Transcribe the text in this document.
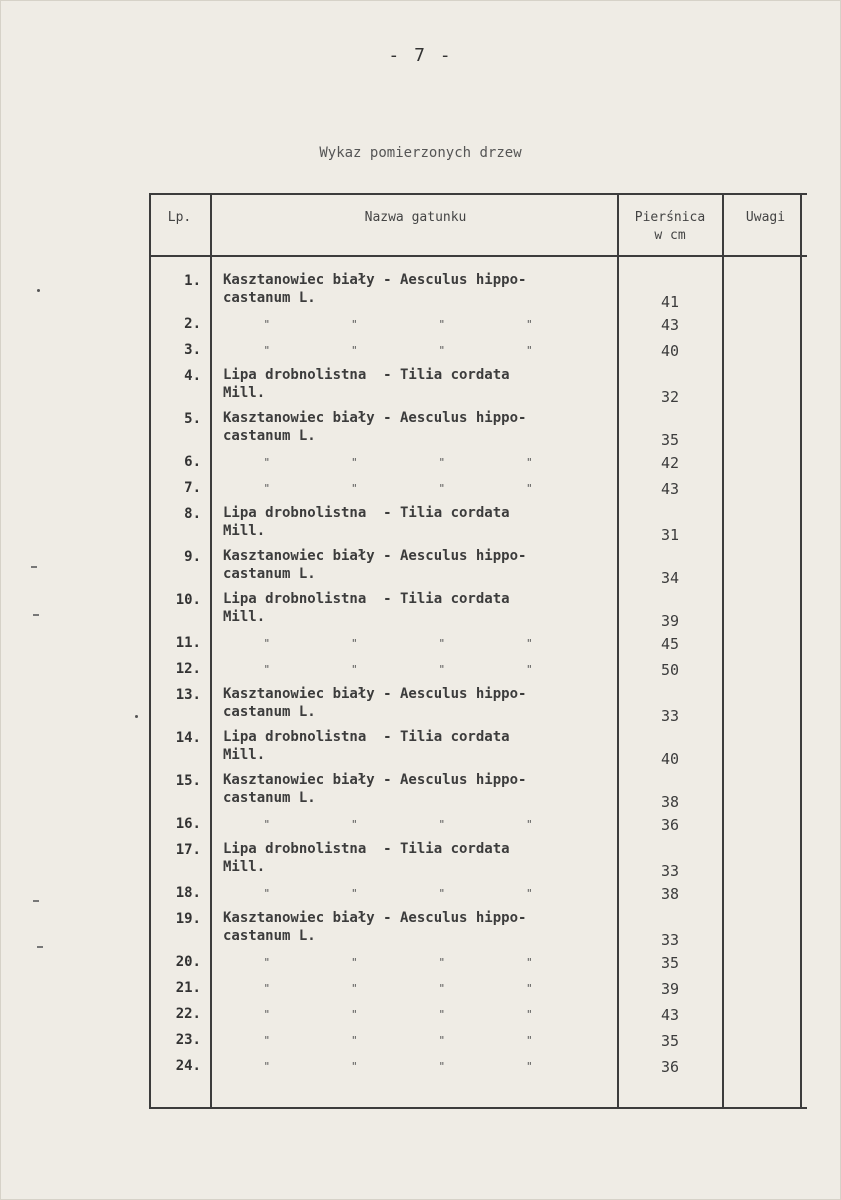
- 7 -
Wykaz pomierzonych drzew
Lp.	Nazwa gatunku	Pierśnica
w cm
Uwagi
1. Kasztanowiec biały - Aesculus hippo-
castanum L.	41
2.	"	"	"	"	43
3.	"	"	"	"	40
4. Lipa drobnolistna  - Tilia cordata
Mill.	32
5. Kasztanowiec biały - Aesculus hippo-
castanum L.	35
6.	"	"	"	"	42
7.	"	"	"	"	43
8. Lipa drobnolistna  - Tilia cordata
Mill.	31
9. Kasztanowiec biały - Aesculus hippo-
castanum L.	34
10. Lipa drobnolistna  - Tilia cordata
Mill.	39
11.	"	"	"	"	45
12.	"	"	"	"	50
13. Kasztanowiec biały - Aesculus hippo-
castanum L.	33
14. Lipa drobnolistna  - Tilia cordata
Mill.	40
15. Kasztanowiec biały - Aesculus hippo-
castanum L.	38
16.	"	"	"	"	36
17. Lipa drobnolistna  - Tilia cordata
Mill.	33
18.	"	"	"	"	38
19. Kasztanowiec biały - Aesculus hippo-
castanum L.	33
20.	"	"	"	"	35
21.	"	"	"	"	39
22.	"	"	"	"	43
23.	"	"	"	"	35
24.	"	"	"	"	36
